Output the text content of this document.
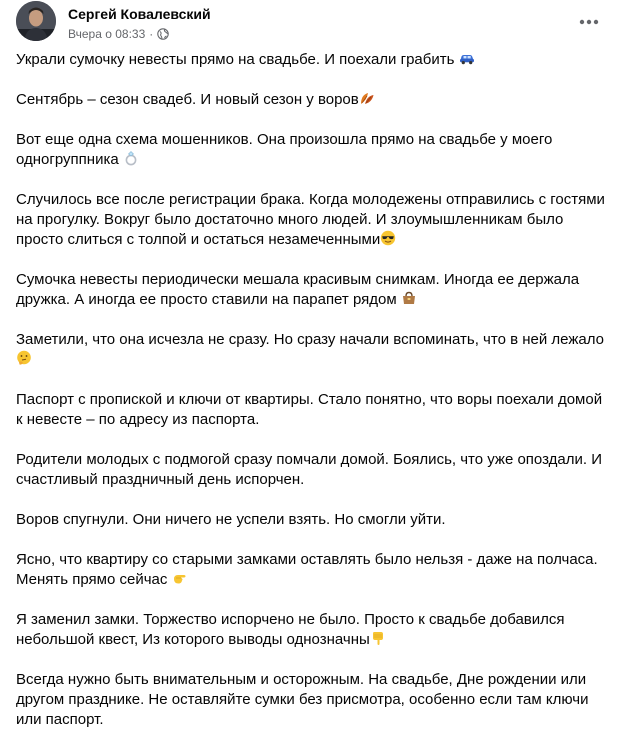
Сергей Ковалевский
Вчера о 08:33 ·

Украли сумочку невесты прямо на свадьбе. И поехали грабить

Сентябрь – сезон свадеб. И новый сезон у воров

Вот еще одна схема мошенников. Она произошла прямо на свадьбе у моего одногруппника

Случилось все после регистрации брака. Когда молодежены отправились с гостями на прогулку. Вокруг было достаточно много людей. И злоумышленникам было просто слиться с толпой и остаться незамеченными

Сумочка невесты периодически мешала красивым снимкам. Иногда ее держала дружка. А иногда ее просто ставили на парапет рядом

Заметили, что она исчезла не сразу. Но сразу начали вспоминать, что в ней лежало

Паспорт с пропиской и ключи от квартиры. Стало понятно, что воры поехали домой к невесте – по адресу из паспорта.

Родители молодых с подмогой сразу помчали домой. Боялись, что уже опоздали. И счастливый праздничный день испорчен.

Воров спугнули. Они ничего не успели взять. Но смогли уйти.

Ясно, что квартиру со старыми замками оставлять было нельзя - даже на полчаса. Менять прямо сейчас

Я заменил замки. Торжество испорчено не было. Просто к свадьбе добавился небольшой квест, Из которого выводы однозначны

Всегда нужно быть внимательным и осторожным. На свадьбе, Дне рождении или другом празднике. Не оставляйте сумки без присмотра, особенно если там ключи или паспорт.
